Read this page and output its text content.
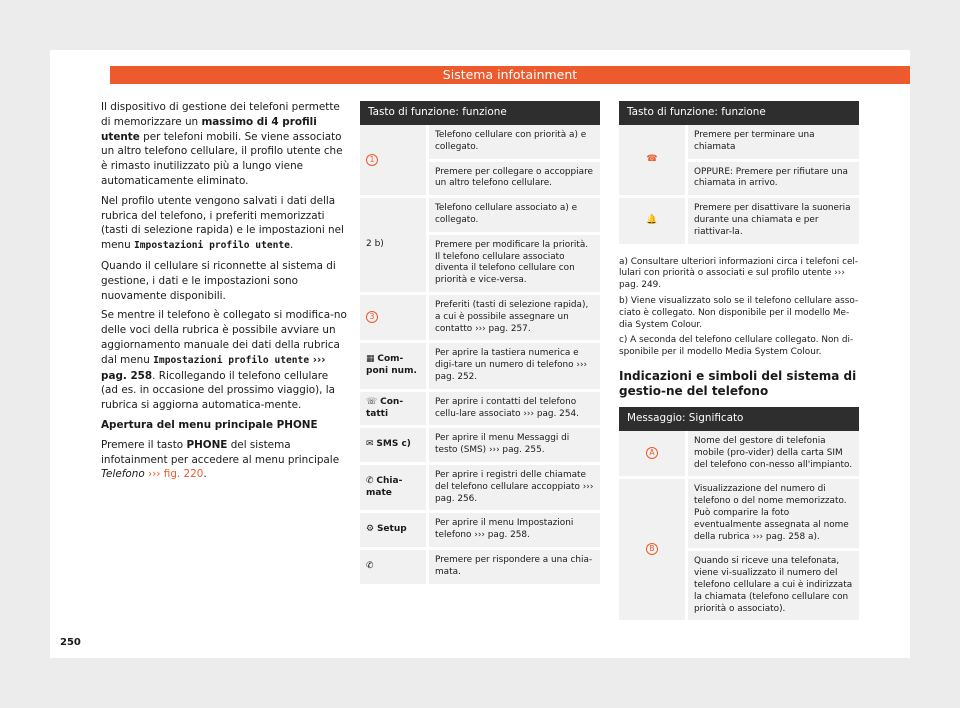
Sistema infotainment

Il dispositivo di gestione dei telefoni permette di memorizzare un massimo di 4 profili utente per telefoni mobili. Se viene associato un altro telefono cellulare, il profilo utente che è rimasto inutilizzato più a lungo viene automaticamente eliminato.

Nel profilo utente vengono salvati i dati della rubrica del telefono, i preferiti memorizzati (tasti di selezione rapida) e le impostazioni nel menu Impostazioni profilo utente.

Quando il cellulare si riconnette al sistema di gestione, i dati e le impostazioni sono nuovamente disponibili.

Se mentre il telefono è collegato si modifica‐no delle voci della rubrica è possibile avviare un aggiornamento manuale dei dati della rubrica dal menu Impostazioni profilo utente ››› pag. 258. Ricollegando il telefono cellulare (ad es. in occasione del prossimo viaggio), la rubrica si aggiorna automatica‐mente.

Apertura del menu principale PHONE

Premere il tasto PHONE del sistema infotainment per accedere al menu principale Telefono ››› fig. 220.

Tasto di funzione: funzione	
1	Telefono cellulare con priorità a) e collegato.
	Premere per collegare o accoppiare un altro telefono cellulare.
2 b)	Telefono cellulare associato a) e collegato.
	Premere per modificare la priorità. Il telefono cellulare associato diventa il telefono cellulare con priorità e vice-versa.
3	Preferiti (tasti di selezione rapida), a cui è possibile assegnare un contatto ››› pag. 257.
▦ Com-poni num.	Per aprire la tastiera numerica e digi-tare un numero di telefono ››› pag. 252.
☏ Con-tatti	Per aprire i contatti del telefono cellu-lare associato ››› pag. 254.
✉ SMS c)	Per aprire il menu Messaggi di testo (SMS) ››› pag. 255.
✆ Chia-mate	Per aprire i registri delle chiamate del telefono cellulare accoppiato ››› pag. 256.
⚙ Setup	Per aprire il menu Impostazioni telefono ››› pag. 258.
✆	Premere per rispondere a una chia-mata.
Tasto di funzione: funzione	
☎	Premere per terminare una chiamata
	OPPURE: Premere per rifiutare una chiamata in arrivo.
🔔	Premere per disattivare la suoneria durante una chiamata e per riattivar-la.

a) Consultare ulteriori informazioni circa i telefoni cel-lulari con priorità o associati e sul profilo utente ››› pag. 249.

b) Viene visualizzato solo se il telefono cellulare asso-ciato è collegato. Non disponibile per il modello Me-dia System Colour.

c) A seconda del telefono cellulare collegato. Non di-sponibile per il modello Media System Colour.

Indicazioni e simboli del sistema di gestio-ne del telefono
Messaggio: Significato	
A	Nome del gestore di telefonia mobile (pro-vider) della carta SIM del telefono con-nesso all'impianto.
B	Visualizzazione del numero di telefono o del nome memorizzato. Può comparire la foto eventualmente assegnata al nome della rubrica ››› pag. 258 a).
	Quando si riceve una telefonata, viene vi-sualizzato il numero del telefono cellulare a cui è indirizzata la chiamata (telefono cellulare con priorità o associato).
250
